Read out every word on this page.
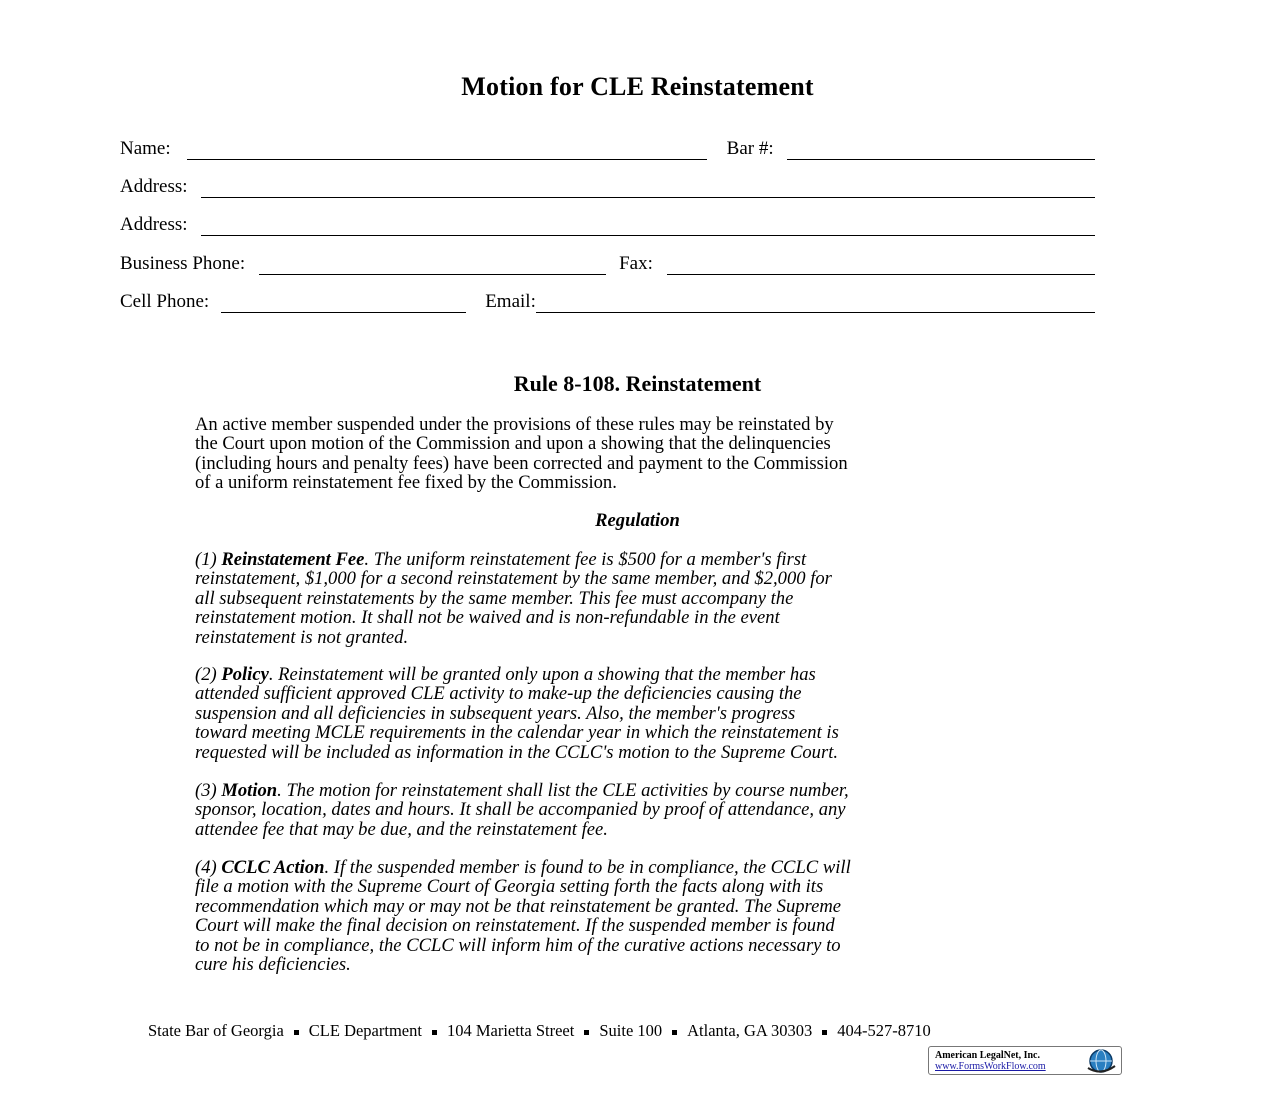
Motion for CLE Reinstatement
Name:	Bar #:
Address:
Address:
Business Phone:	Fax:
Cell Phone:	Email:
Rule 8-108. Reinstatement
An active member suspended under the provisions of these rules may be reinstated by
the Court upon motion of the Commission and upon a showing that the delinquencies
(including hours and penalty fees) have been corrected and payment to the Commission
of a uniform reinstatement fee fixed by the Commission.
Regulation
(1) Reinstatement Fee. The uniform reinstatement fee is $500 for a member's first
reinstatement, $1,000 for a second reinstatement by the same member, and $2,000 for
all subsequent reinstatements by the same member. This fee must accompany the
reinstatement motion. It shall not be waived and is non-refundable in the event
reinstatement is not granted.
(2) Policy. Reinstatement will be granted only upon a showing that the member has
attended sufficient approved CLE activity to make-up the deficiencies causing the
suspension and all deficiencies in subsequent years. Also, the member's progress
toward meeting MCLE requirements in the calendar year in which the reinstatement is
requested will be included as information in the CCLC's motion to the Supreme Court.
(3) Motion. The motion for reinstatement shall list the CLE activities by course number,
sponsor, location, dates and hours. It shall be accompanied by proof of attendance, any
attendee fee that may be due, and the reinstatement fee.
(4) CCLC Action. If the suspended member is found to be in compliance, the CCLC will
file a motion with the Supreme Court of Georgia setting forth the facts along with its
recommendation which may or may not be that reinstatement be granted. The Supreme
Court will make the final decision on reinstatement. If the suspended member is found
to not be in compliance, the CCLC will inform him of the curative actions necessary to
cure his deficiencies.
State Bar of Georgia CLE Department 104 Marietta Street Suite 100 Atlanta, GA 30303 404-527-8710
American LegalNet, Inc.
www.FormsWorkFlow.com
